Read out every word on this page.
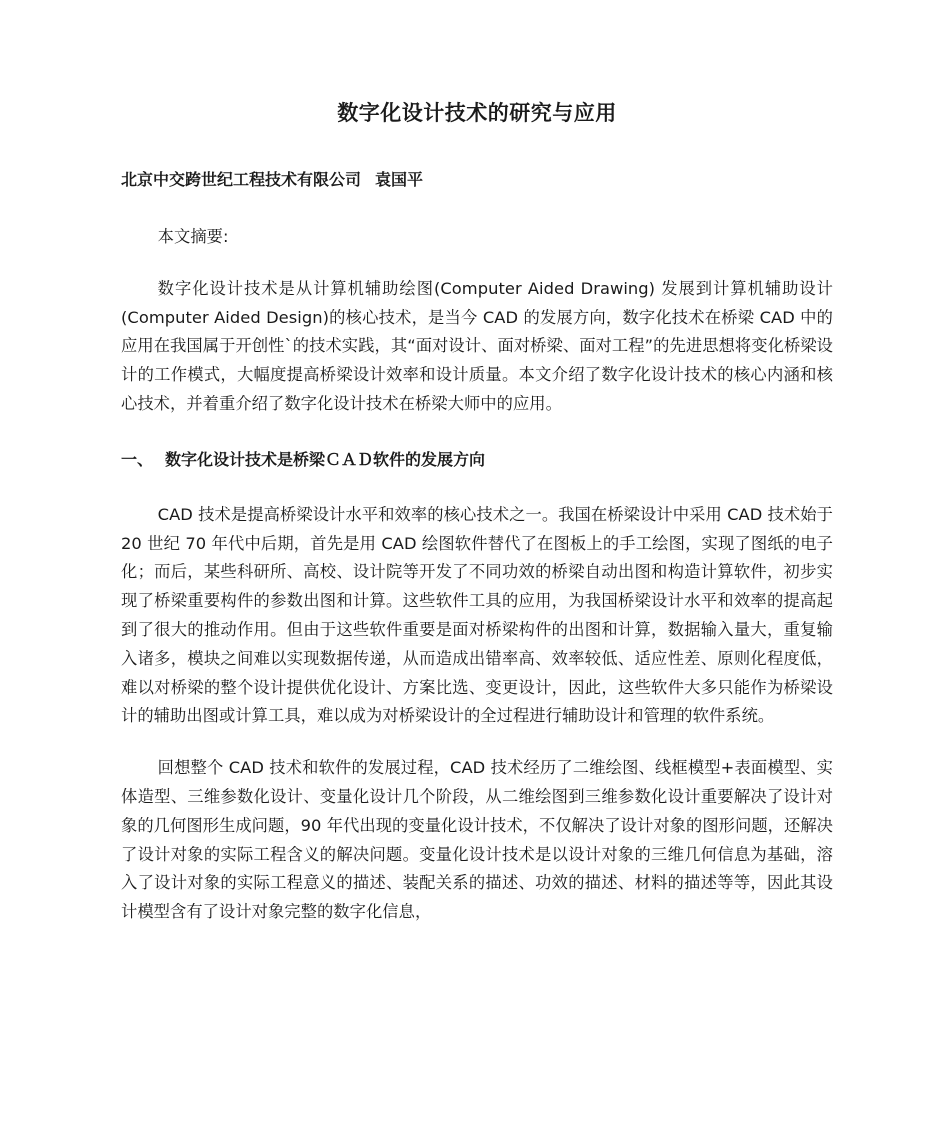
数字化设计技术的研究与应用
北京中交跨世纪工程技术有限公司 袁国平

本文摘要:

数字化设计技术是从计算机辅助绘图(Computer Aided Drawing) 发展到计算机辅助设计(Computer Aided Design)的核心技术，是当今 CAD 的发展方向，数字化技术在桥梁 CAD 中的应用在我国属于开创性`的技术实践，其“面对设计、面对桥梁、面对工程”的先进思想将变化桥梁设计的工作模式，大幅度提高桥梁设计效率和设计质量。本文介绍了数字化设计技术的核心内涵和核心技术，并着重介绍了数字化设计技术在桥梁大师中的应用。

一、 数字化设计技术是桥梁ＣＡＤ软件的发展方向

CAD 技术是提高桥梁设计水平和效率的核心技术之一。我国在桥梁设计中采用 CAD 技术始于 20 世纪 70 年代中后期，首先是用 CAD 绘图软件替代了在图板上的手工绘图，实现了图纸的电子化；而后，某些科研所、高校、设计院等开发了不同功效的桥梁自动出图和构造计算软件，初步实现了桥梁重要构件的参数出图和计算。这些软件工具的应用，为我国桥梁设计水平和效率的提高起到了很大的推动作用。但由于这些软件重要是面对桥梁构件的出图和计算，数据输入量大，重复输入诸多，模块之间难以实现数据传递，从而造成出错率高、效率较低、适应性差、原则化程度低，难以对桥梁的整个设计提供优化设计、方案比选、变更设计，因此，这些软件大多只能作为桥梁设计的辅助出图或计算工具，难以成为对桥梁设计的全过程进行辅助设计和管理的软件系统。

回想整个 CAD 技术和软件的发展过程，CAD 技术经历了二维绘图、线框模型+表面模型、实体造型、三维参数化设计、变量化设计几个阶段，从二维绘图到三维参数化设计重要解决了设计对象的几何图形生成问题，90 年代出现的变量化设计技术，不仅解决了设计对象的图形问题，还解决了设计对象的实际工程含义的解决问题。变量化设计技术是以设计对象的三维几何信息为基础，溶入了设计对象的实际工程意义的描述、装配关系的描述、功效的描述、材料的描述等等，因此其设计模型含有了设计对象完整的数字化信息，
